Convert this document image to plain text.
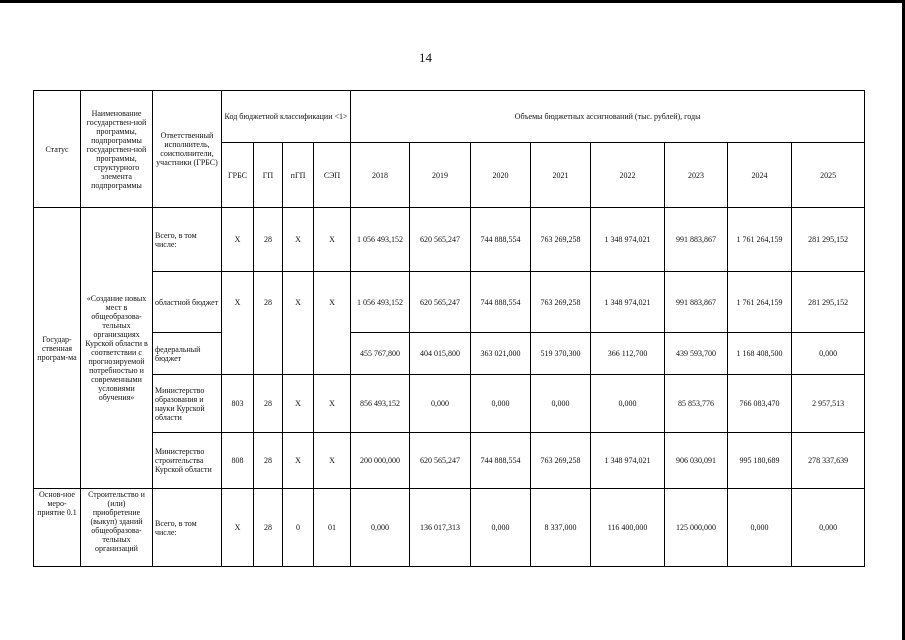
14
Статус	Наименование государствен-ной программы, подпрограммы государствен-ной программы, структурного элемента подпрограммы	Ответственный исполнитель, соисполнители, участники (ГРБС)	Код бюджетной классификации <1>				Объемы бюджетных ассигнований (тыс. рублей), годы							
			ГРБС	ГП	пГП	СЭП	2018	2019	2020	2021	2022	2023	2024	2025
Государ-ственная програм-ма	«Создание новых мест в общеобразова-тельных организациях Курской области в соответствии с прогнозируемой потребностью и современными условиями обучения»	Всего, в том числе:	Х	28	Х	Х	1 056 493,152	620 565,247	744 888,554	763 269,258	1 348 974,021	991 883,867	1 761 264,159	281 295,152
		областной бюджет	Х	28	Х	Х	1 056 493,152	620 565,247	744 888,554	763 269,258	1 348 974,021	991 883,867	1 761 264,159	281 295,152
		федеральный бюджет					455 767,800	404 015,800	363 021,000	519 370,300	366 112,700	439 593,700	1 168 408,500	0,000
		Министерство образования и науки Курской области	803	28	Х	Х	856 493,152	0,000	0,000	0,000	0,000	85 853,776	766 083,470	2 957,513
		Министерство строительства Курской области	808	28	Х	Х	200 000,000	620 565,247	744 888,554	763 269,258	1 348 974,021	906 030,091	995 180,689	278 337,639
Основ-ное меро-приятие 0.1	Строительство и (или) приобретение (выкуп) зданий общеобразова-тельных организаций	Всего, в том числе:	Х	28	0	01	0,000	136 017,313	0,000	8 337,000	116 400,000	125 000,000	0,000	0,000
